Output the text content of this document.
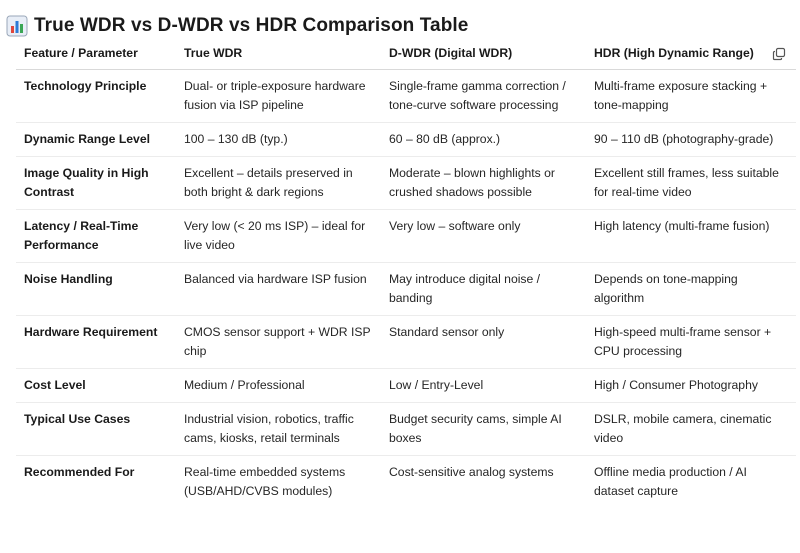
True WDR vs D-WDR vs HDR Comparison Table
Feature / Parameter	True WDR	D-WDR (Digital WDR)	HDR (High Dynamic Range)

Technology Principle	Dual- or triple-exposure hardware fusion via ISP pipeline	Single-frame gamma correction / tone-curve software processing	Multi-frame exposure stacking + tone-mapping
Dynamic Range Level	100 – 130 dB (typ.)	60 – 80 dB (approx.)	90 – 110 dB (photography-grade)
Image Quality in High Contrast	Excellent – details preserved in both bright & dark regions	Moderate – blown highlights or crushed shadows possible	Excellent still frames, less suitable for real-time video
Latency / Real-Time Performance	Very low (< 20 ms ISP) – ideal for live video	Very low – software only	High latency (multi-frame fusion)
Noise Handling	Balanced via hardware ISP fusion	May introduce digital noise / banding	Depends on tone-mapping algorithm
Hardware Requirement	CMOS sensor support + WDR ISP chip	Standard sensor only	High-speed multi-frame sensor + CPU processing
Cost Level	Medium / Professional	Low / Entry-Level	High / Consumer Photography
Typical Use Cases	Industrial vision, robotics, traffic cams, kiosks, retail terminals	Budget security cams, simple AI boxes	DSLR, mobile camera, cinematic video
Recommended For	Real-time embedded systems (USB/AHD/CVBS modules)	Cost-sensitive analog systems	Offline media production / AI dataset capture
